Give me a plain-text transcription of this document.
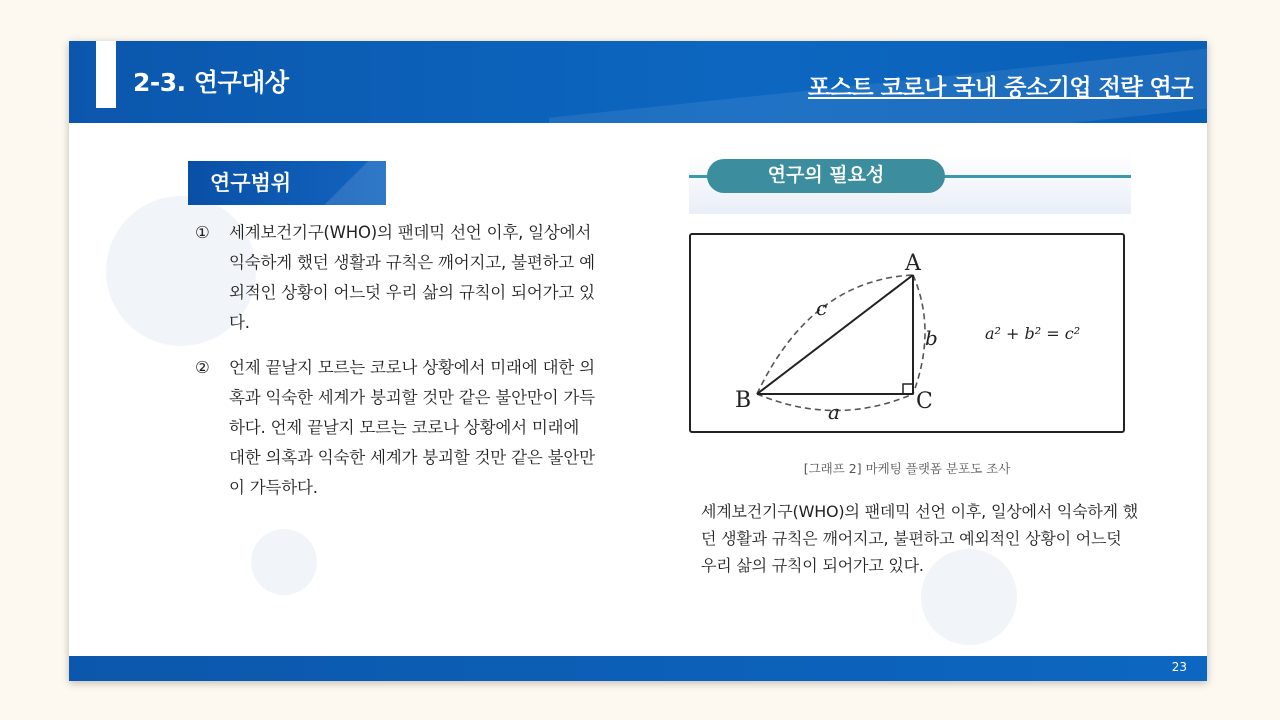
2-3. 연구대상	포스트 코로나 국내 중소기업 전략 연구
연구범위
① 세계보건기구(WHO)의 팬데믹 선언 이후, 일상에서 익숙하게 했던 생활과 규칙은 깨어지고, 불편하고 예외적인 상황이 어느덧 우리 삶의 규칙이 되어가고 있다.
② 언제 끝날지 모르는 코로나 상황에서 미래에 대한 의혹과 익숙한 세계가 붕괴할 것만 같은 불안만이 가득하다. 언제 끝날지 모르는 코로나 상황에서 미래에 대한 의혹과 익숙한 세계가 붕괴할 것만 같은 불안만이 가득하다.
연구의 필요성
A
B	C
a
b
c
a² + b² = c²
[그래프 2] 마케팅 플랫폼 분포도 조사
세계보건기구(WHO)의 팬데믹 선언 이후, 일상에서 익숙하게 했던 생활과 규칙은 깨어지고, 불편하고 예외적인 상황이 어느덧 우리 삶의 규칙이 되어가고 있다.
23
